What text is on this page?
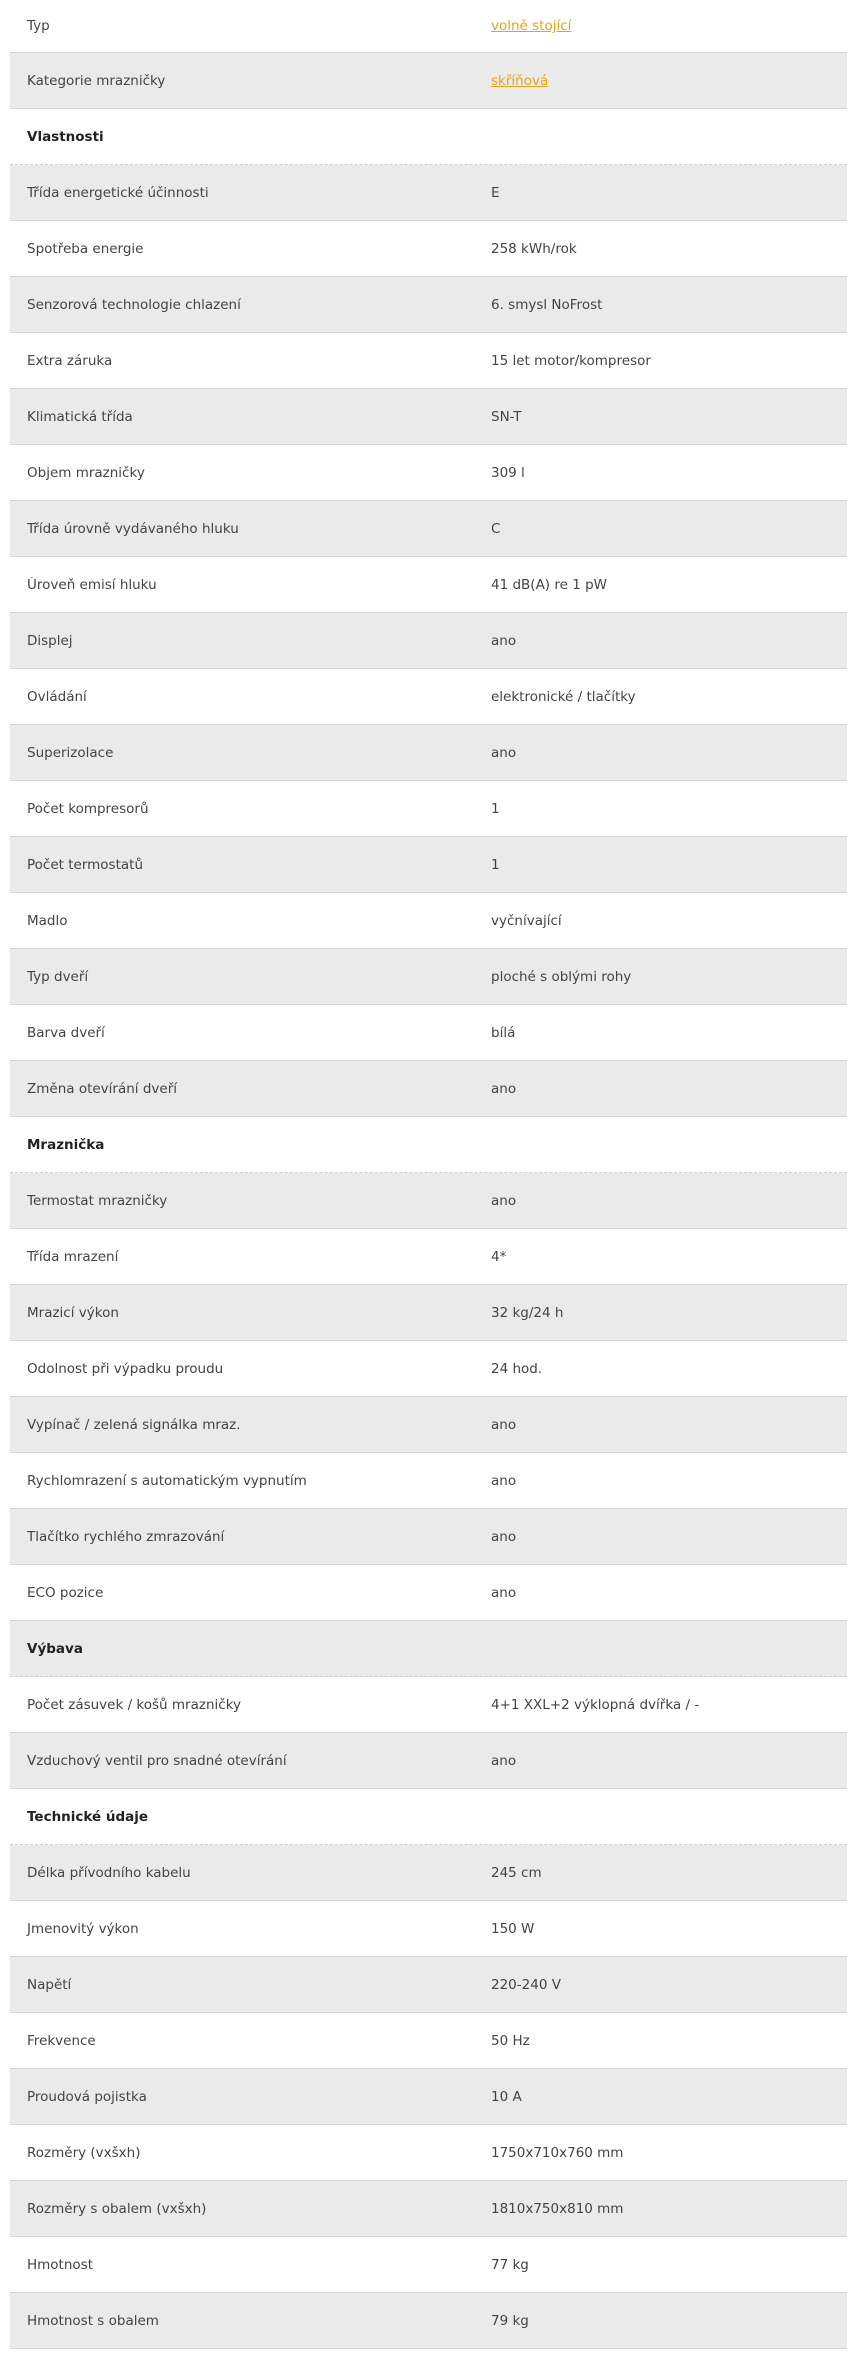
Typ	volně stojící
Kategorie mrazničky	skříňová
Vlastnosti
Třída energetické účinnosti	E
Spotřeba energie	258 kWh/rok
Senzorová technologie chlazení	6. smysl NoFrost
Extra záruka	15 let motor/kompresor
Klimatická třída	SN-T
Objem mrazničky	309 l
Třída úrovně vydávaného hluku	C
Úroveň emisí hluku	41 dB(A) re 1 pW
Displej	ano
Ovládání	elektronické / tlačítky
Superizolace	ano
Počet kompresorů	1
Počet termostatů	1
Madlo	vyčnívající
Typ dveří	ploché s oblými rohy
Barva dveří	bílá
Změna otevírání dveří	ano
Mraznička
Termostat mrazničky	ano
Třída mrazení	4*
Mrazicí výkon	32 kg/24 h
Odolnost při výpadku proudu	24 hod.
Vypínač / zelená signálka mraz.	ano
Rychlomrazení s automatickým vypnutím	ano
Tlačítko rychlého zmrazování	ano
ECO pozice	ano
Výbava
Počet zásuvek / košů mrazničky	4+1 XXL+2 výklopná dvířka / -
Vzduchový ventil pro snadné otevírání	ano
Technické údaje
Délka přívodního kabelu	245 cm
Jmenovitý výkon	150 W
Napětí	220-240 V
Frekvence	50 Hz
Proudová pojistka	10 A
Rozměry (vxšxh)	1750x710x760 mm
Rozměry s obalem (vxšxh)	1810x750x810 mm
Hmotnost	77 kg
Hmotnost s obalem	79 kg
